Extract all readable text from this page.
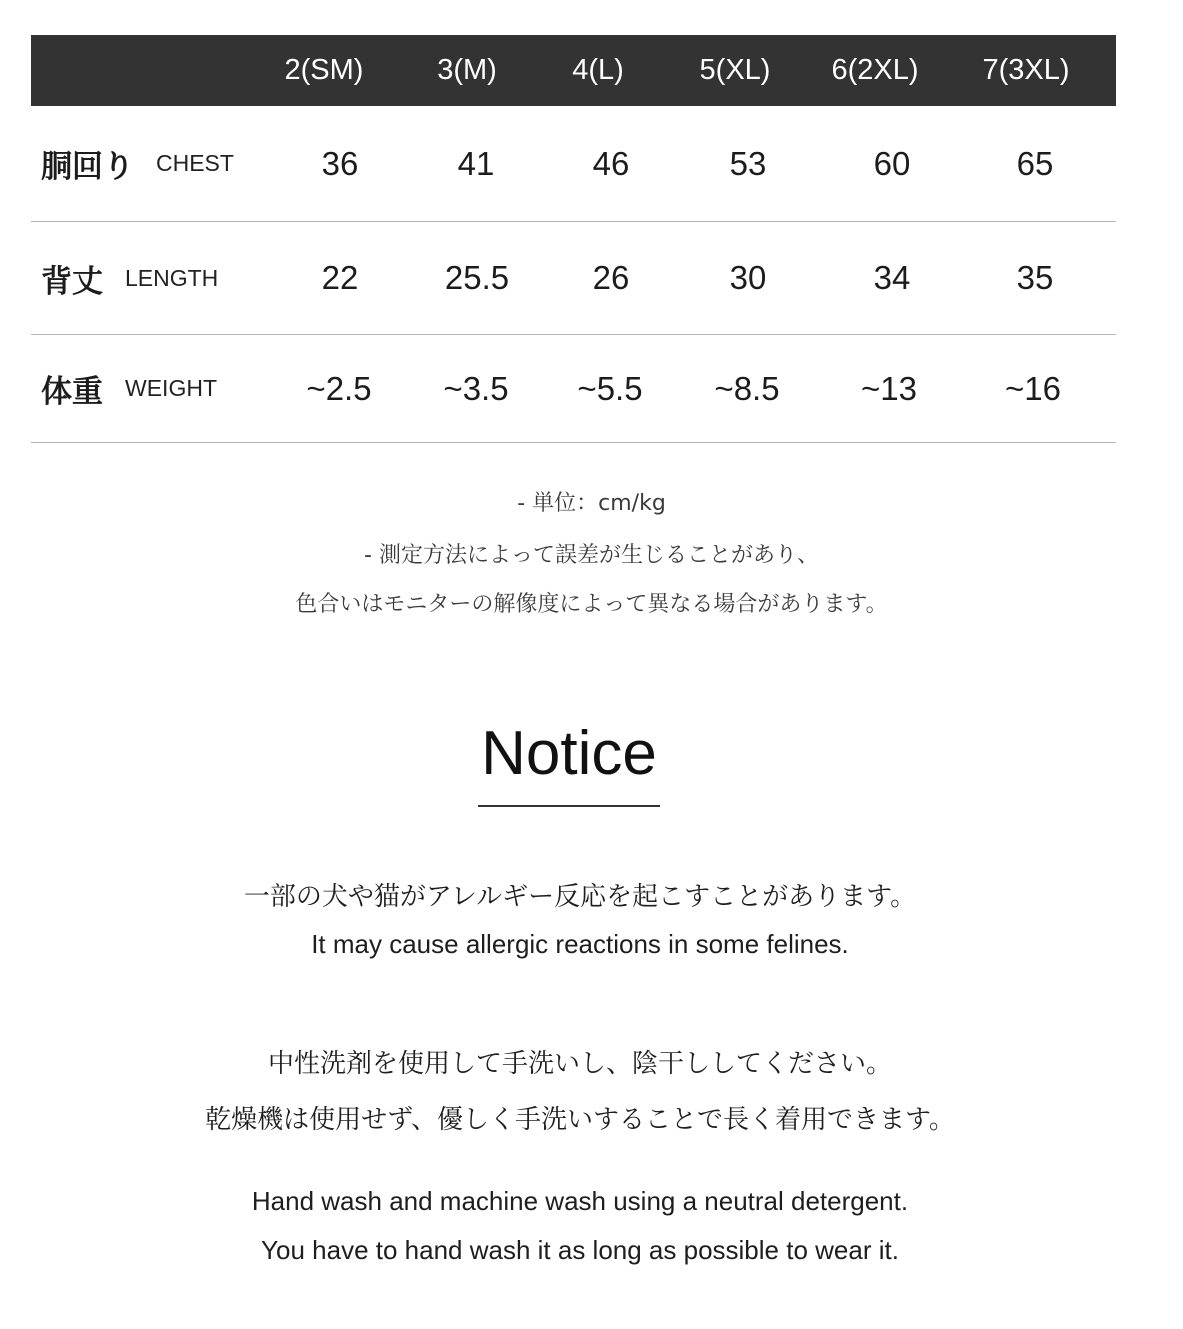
2(SM)	3(M)	4(L)	5(XL)	6(2XL)	7(3XL)
胴回り CHEST	36	41	46	53	60	65
背丈 LENGTH	22	25.5	26	30	34	35
体重 WEIGHT	~2.5	~3.5	~5.5	~8.5	~13	~16
- 単位：cm/kg
- 測定方法によって誤差が生じることがあり、
色合いはモニターの解像度によって異なる場合があります。
Notice
一部の犬や猫がアレルギー反応を起こすことがあります。
It may cause allergic reactions in some felines.
中性洗剤を使用して手洗いし、陰干ししてください。
乾燥機は使用せず、優しく手洗いすることで長く着用できます。
Hand wash and machine wash using a neutral detergent.
You have to hand wash it as long as possible to wear it.
